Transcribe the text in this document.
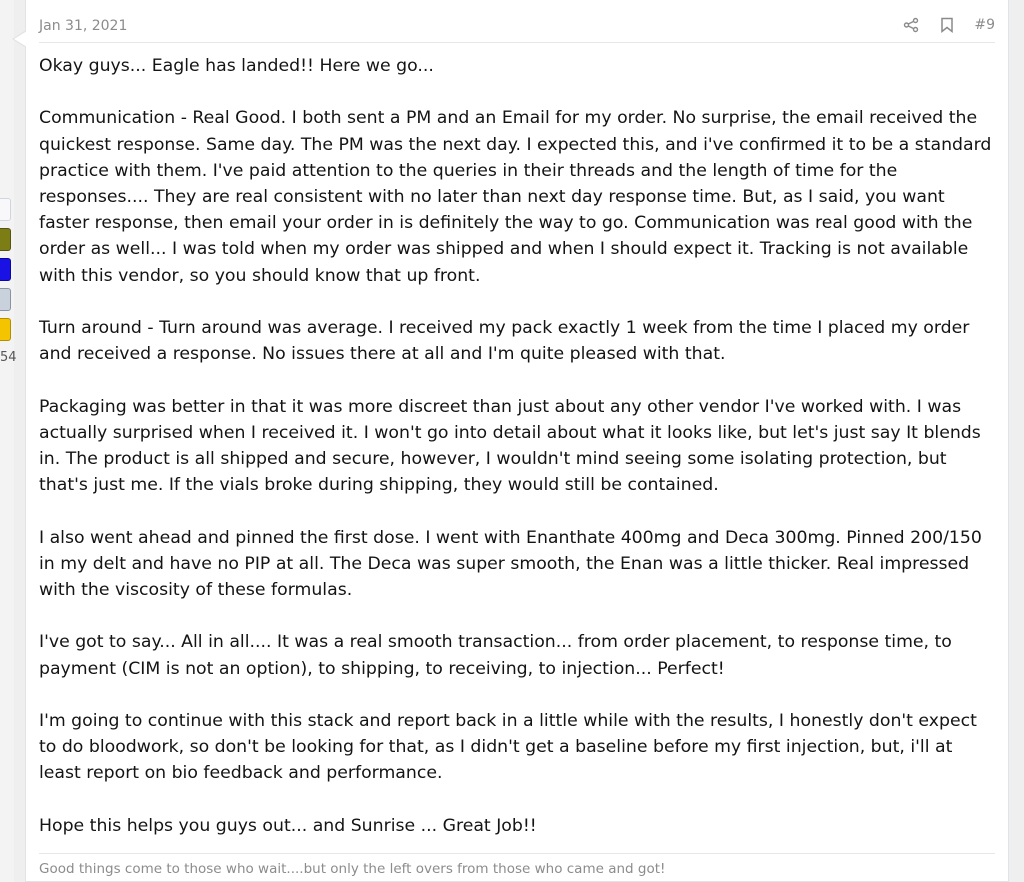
54
Jan 31, 2021	#9

Okay guys... Eagle has landed!! Here we go...

Communication - Real Good. I both sent a PM and an Email for my order. No surprise, the email received the quickest response. Same day. The PM was the next day. I expected this, and i've confirmed it to be a standard practice with them. I've paid attention to the queries in their threads and the length of time for the responses.... They are real consistent with no later than next day response time. But, as I said, you want faster response, then email your order in is definitely the way to go. Communication was real good with the order as well... I was told when my order was shipped and when I should expect it. Tracking is not available with this vendor, so you should know that up front.

Turn around - Turn around was average. I received my pack exactly 1 week from the time I placed my order and received a response. No issues there at all and I'm quite pleased with that.

Packaging was better in that it was more discreet than just about any other vendor I've worked with. I was actually surprised when I received it. I won't go into detail about what it looks like, but let's just say It blends in. The product is all shipped and secure, however, I wouldn't mind seeing some isolating protection, but that's just me. If the vials broke during shipping, they would still be contained.

I also went ahead and pinned the first dose. I went with Enanthate 400mg and Deca 300mg. Pinned 200/150 in my delt and have no PIP at all. The Deca was super smooth, the Enan was a little thicker. Real impressed with the viscosity of these formulas.

I've got to say... All in all.... It was a real smooth transaction... from order placement, to response time, to payment (CIM is not an option), to shipping, to receiving, to injection... Perfect!

I'm going to continue with this stack and report back in a little while with the results, I honestly don't expect to do bloodwork, so don't be looking for that, as I didn't get a baseline before my first injection, but, i'll at least report on bio feedback and performance.

Hope this helps you guys out... and Sunrise ... Great Job!!

Good things come to those who wait....but only the left overs from those who came and got!
